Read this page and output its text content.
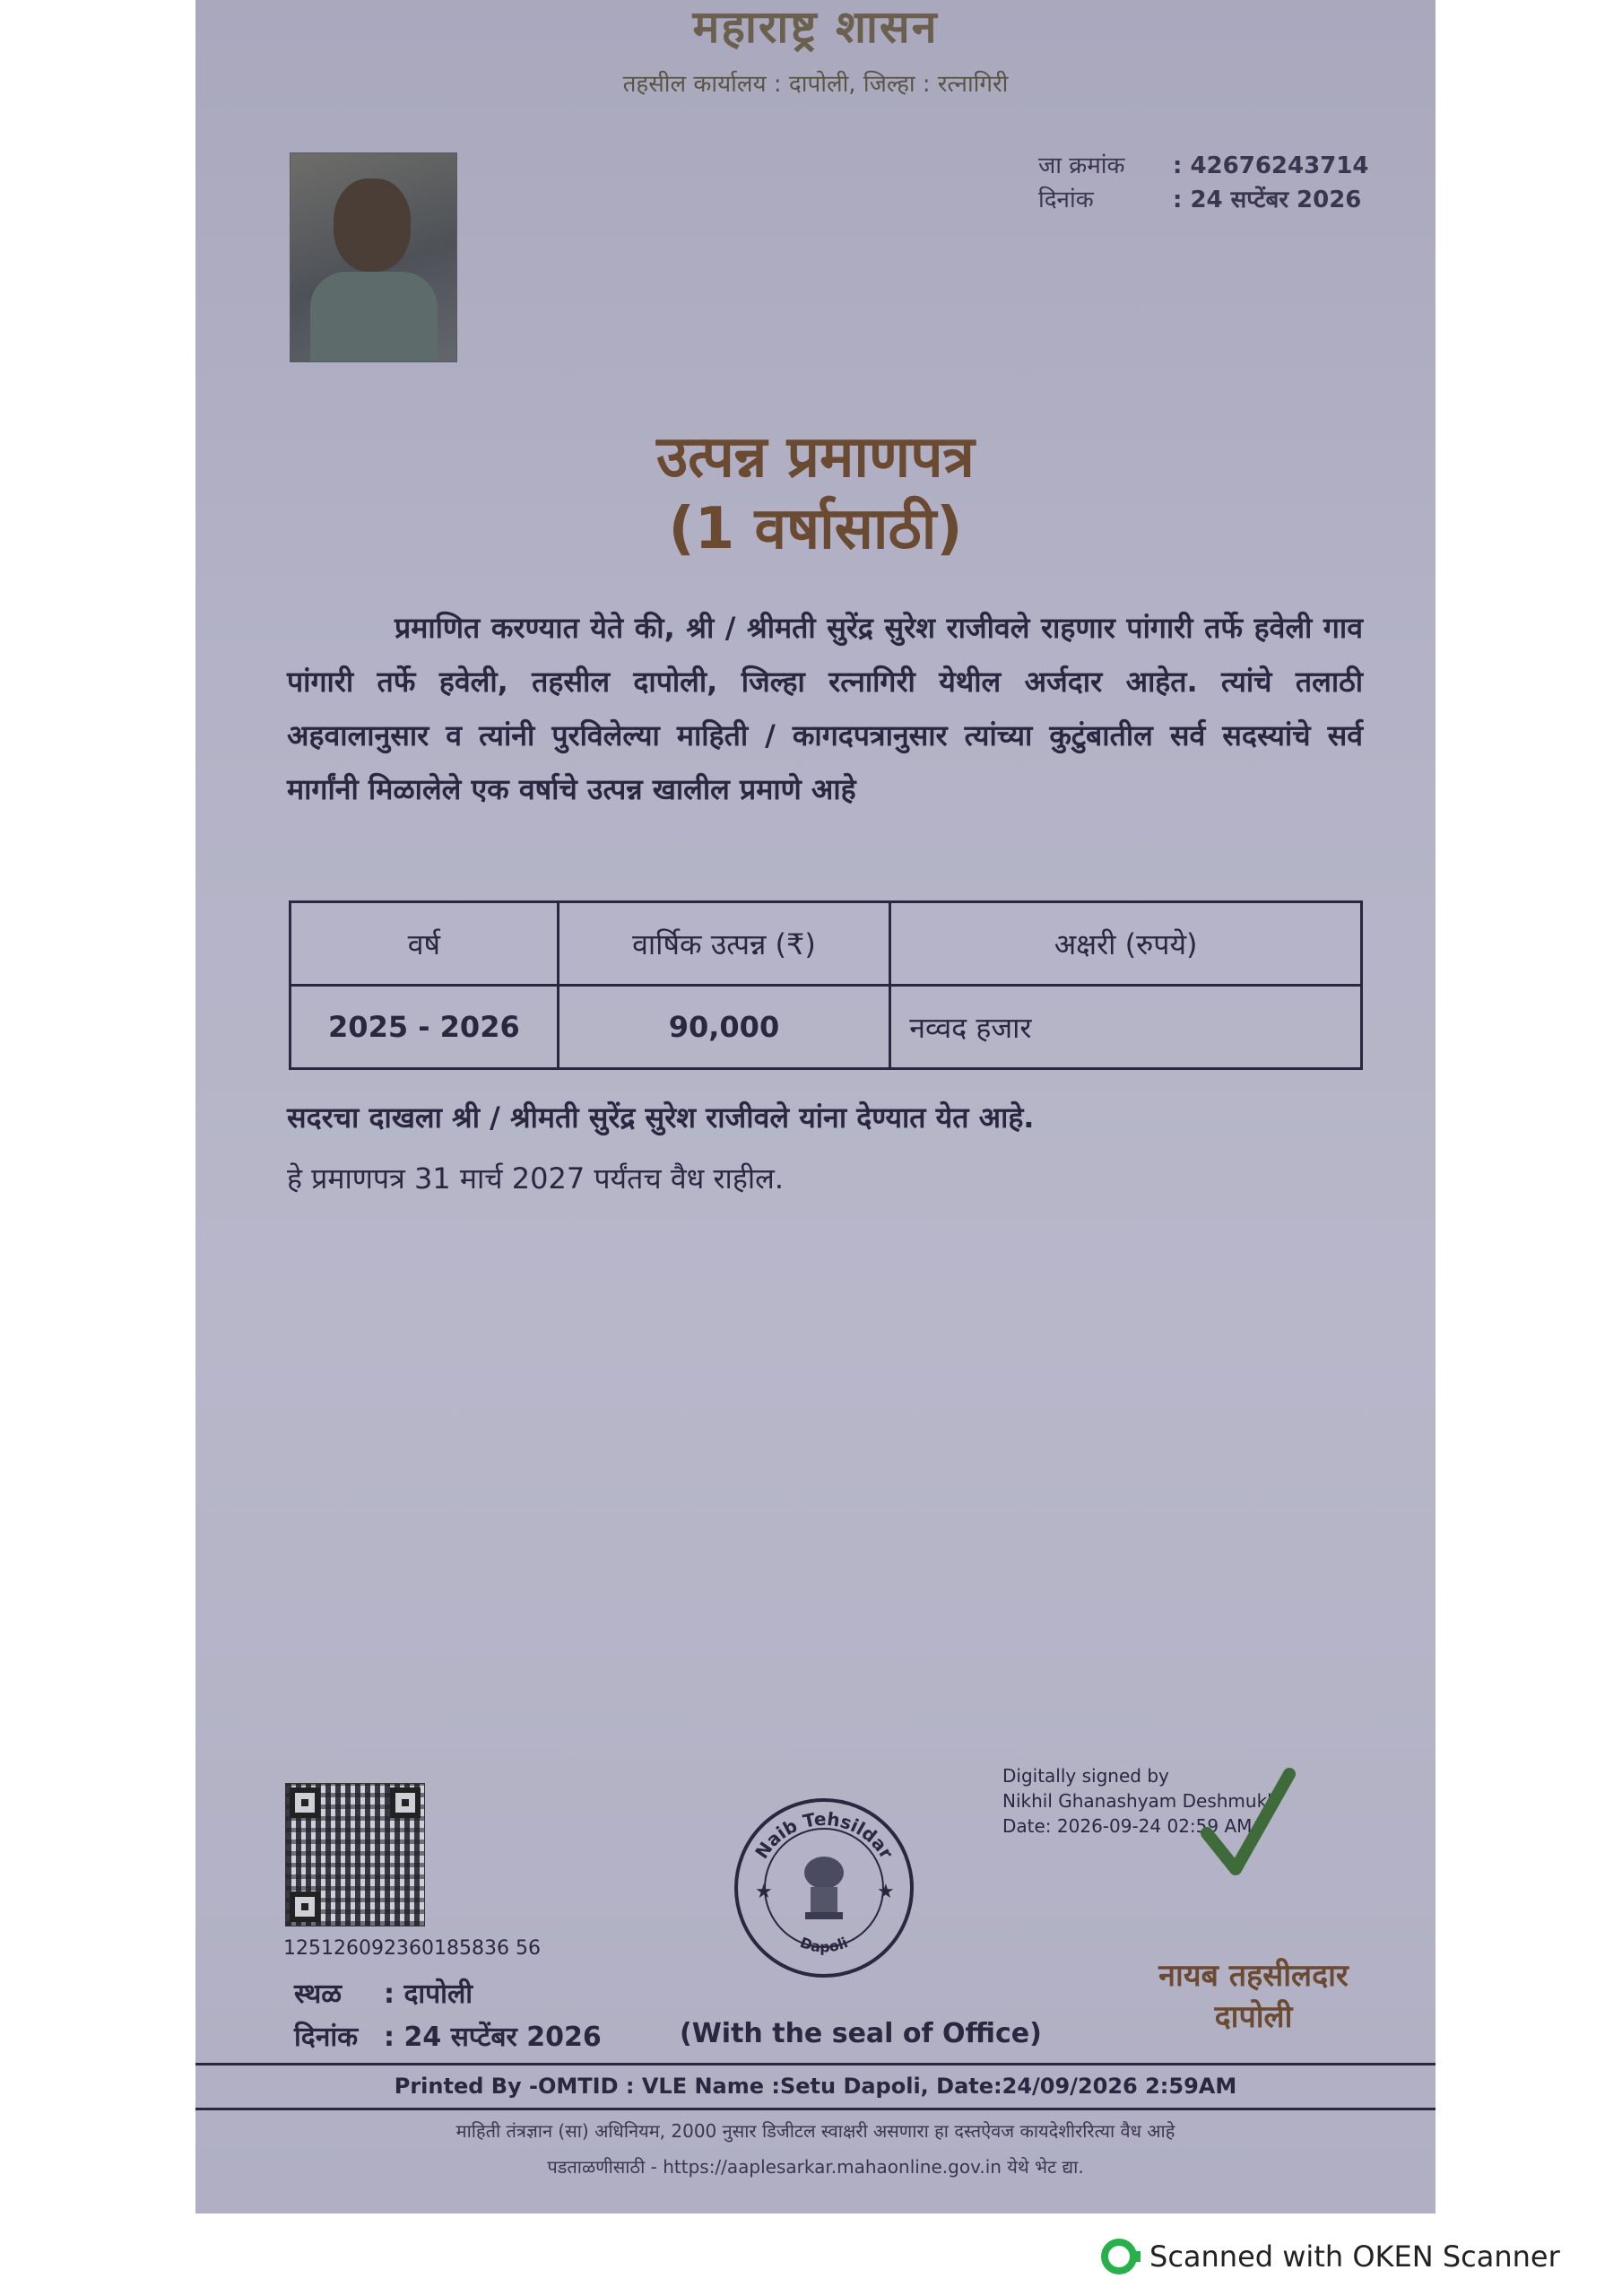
महाराष्ट्र शासन
तहसील कार्यालय : दापोली, जिल्हा : रत्नागिरी
जा क्रमांक : 42676243714
दिनांक	: 24 सप्टेंबर 2026
उत्पन्न प्रमाणपत्र
(1 वर्षासाठी)
प्रमाणित करण्यात येते की, श्री / श्रीमती सुरेंद्र सुरेश राजीवले राहणार पांगारी तर्फे हवेली गाव पांगारी तर्फे हवेली, तहसील दापोली, जिल्हा रत्नागिरी येथील अर्जदार आहेत. त्यांचे तलाठी अहवालानुसार व त्यांनी पुरविलेल्या माहिती / कागदपत्रानुसार त्यांच्या कुटुंबातील सर्व सदस्यांचे सर्व मार्गांनी मिळालेले एक वर्षाचे उत्पन्न खालील प्रमाणे आहे
वर्ष	वार्षिक उत्पन्न (₹)	अक्षरी (रुपये)
2025 - 2026	90,000	नव्वद हजार
सदरचा दाखला श्री / श्रीमती सुरेंद्र सुरेश राजीवले यांना देण्यात येत आहे.
हे प्रमाणपत्र 31 मार्च 2027 पर्यंतच वैध राहील.
125126092360185836 56
स्थळ : दापोली
दिनांक : 24 सप्टेंबर 2026
Naib Tehsildar
Dapoli
★	★
(With the seal of Office)
Digitally signed by
Nikhil Ghanashyam Deshmukh
Date: 2026-09-24 02:59 AM
नायब तहसीलदार
दापोली
Printed By -OMTID : VLE Name :Setu Dapoli, Date:24/09/2026 2:59AM
माहिती तंत्रज्ञान (सा) अधिनियम, 2000 नुसार डिजीटल स्वाक्षरी असणारा हा दस्तऐवज कायदेशीररित्या वैध आहे
पडताळणीसाठी - https://aaplesarkar.mahaonline.gov.in येथे भेट द्या.
Scanned with OKEN Scanner
